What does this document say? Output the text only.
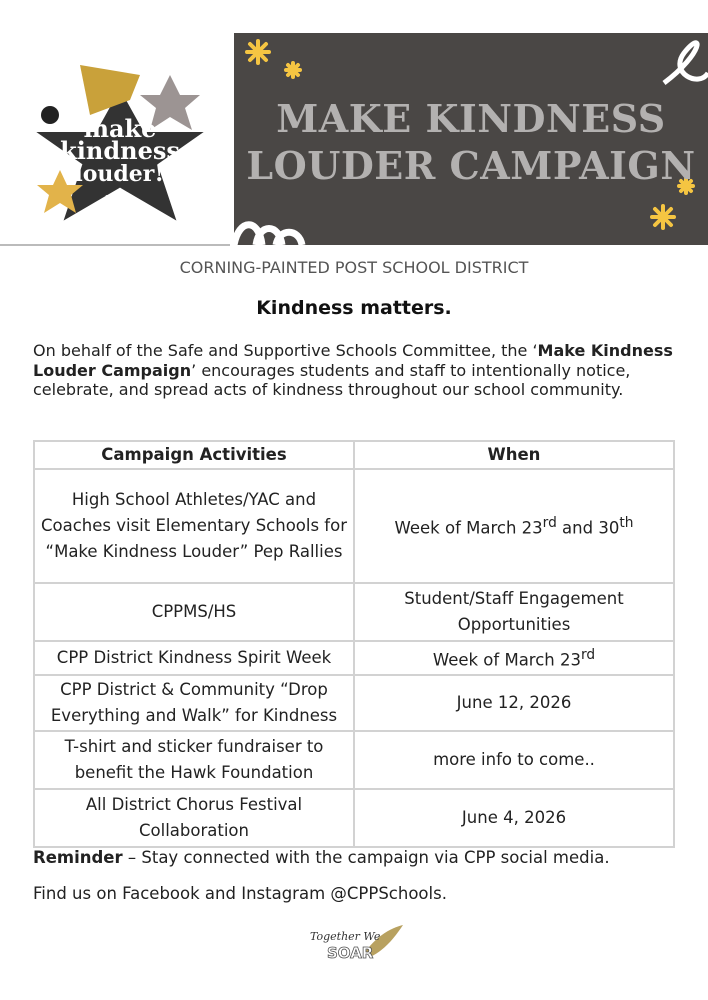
make
kindness
louder!!
SOAR
CPP
MAKE KINDNESS
LOUDER CAMPAIGN
CORNING-PAINTED POST SCHOOL DISTRICT
Kindness matters.
On behalf of the Safe and Supportive Schools Committee, the ‘Make Kindness Louder Campaign’ encourages students and staff to intentionally notice, celebrate, and spread acts of kindness throughout our school community.
Campaign Activities	When
High School Athletes/YAC and Coaches visit Elementary Schools for “Make Kindness Louder” Pep Rallies	Week of March 23rd and 30th
CPPMS/HS	Student/Staff Engagement Opportunities
CPP District Kindness Spirit Week	Week of March 23rd
CPP District & Community “Drop Everything and Walk” for Kindness	June 12, 2026
T-shirt and sticker fundraiser to benefit the Hawk Foundation	more info to come..
All District Chorus Festival Collaboration	June 4, 2026
Reminder – Stay connected with the campaign via CPP social media.
Find us on Facebook and Instagram @CPPSchools.
Together We
SOAR
